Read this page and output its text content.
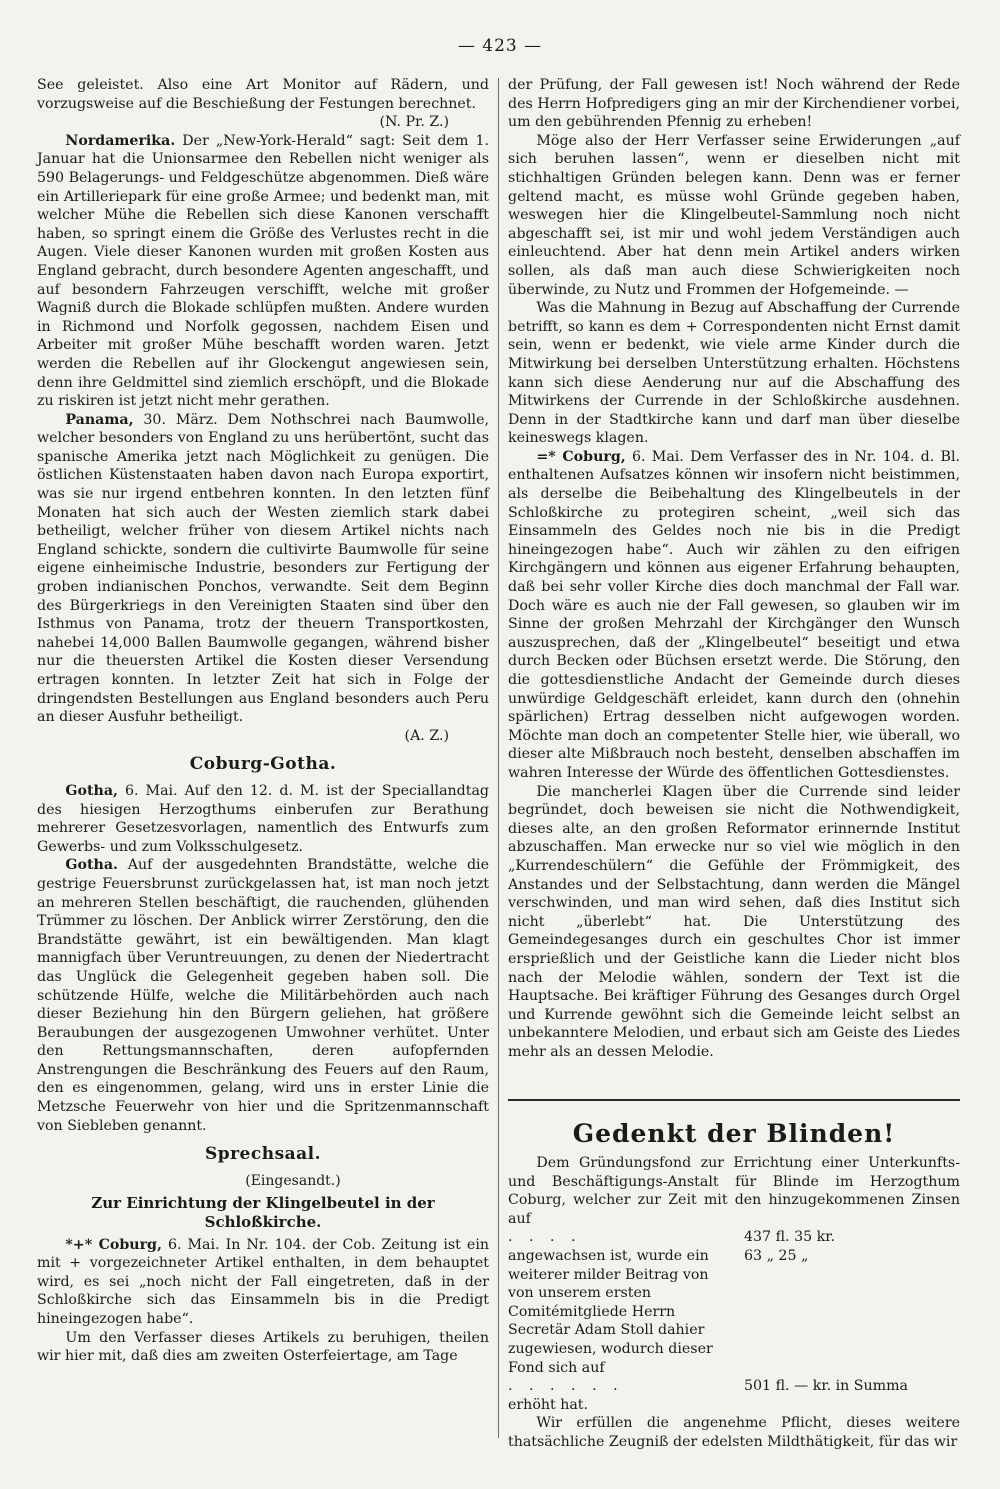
— 423 —

See geleistet. Also eine Art Monitor auf Rädern, und vorzugsweise auf die Beschießung der Festungen berechnet.

(N. Pr. Z.)

Nordamerika. Der „New-York-Herald“ sagt: Seit dem 1. Januar hat die Unionsarmee den Rebellen nicht weniger als 590 Belagerungs- und Feldgeschütze abgenommen. Dieß wäre ein Artilleriepark für eine große Armee; und bedenkt man, mit welcher Mühe die Rebellen sich diese Kanonen verschafft haben, so springt einem die Größe des Verlustes recht in die Augen. Viele dieser Kanonen wurden mit großen Kosten aus England gebracht, durch besondere Agenten angeschafft, und auf besondern Fahrzeugen verschifft, welche mit großer Wagniß durch die Blokade schlüpfen mußten. Andere wurden in Richmond und Norfolk gegossen, nachdem Eisen und Arbeiter mit großer Mühe beschafft worden waren. Jetzt werden die Rebellen auf ihr Glockengut angewiesen sein, denn ihre Geldmittel sind ziemlich erschöpft, und die Blokade zu riskiren ist jetzt nicht mehr gerathen.

Panama, 30. März. Dem Nothschrei nach Baumwolle, welcher besonders von England zu uns herübertönt, sucht das spanische Amerika jetzt nach Möglichkeit zu genügen. Die östlichen Küstenstaaten haben davon nach Europa exportirt, was sie nur irgend entbehren konnten. In den letzten fünf Monaten hat sich auch der Westen ziemlich stark dabei betheiligt, welcher früher von diesem Artikel nichts nach England schickte, sondern die cultivirte Baumwolle für seine eigene einheimische Industrie, besonders zur Fertigung der groben indianischen Ponchos, verwandte. Seit dem Beginn des Bürgerkriegs in den Vereinigten Staaten sind über den Isthmus von Panama, trotz der theuern Transportkosten, nahebei 14,000 Ballen Baumwolle gegangen, während bisher nur die theuersten Artikel die Kosten dieser Versendung ertragen konnten. In letzter Zeit hat sich in Folge der dringendsten Bestellungen aus England besonders auch Peru an dieser Ausfuhr betheiligt.

(A. Z.)

Coburg-Gotha.

Gotha, 6. Mai. Auf den 12. d. M. ist der Speciallandtag des hiesigen Herzogthums einberufen zur Berathung mehrerer Gesetzesvorlagen, namentlich des Entwurfs zum Gewerbs- und zum Volksschulgesetz.

Gotha. Auf der ausgedehnten Brandstätte, welche die gestrige Feuersbrunst zurückgelassen hat, ist man noch jetzt an mehreren Stellen beschäftigt, die rauchenden, glühenden Trümmer zu löschen. Der Anblick wirrer Zerstörung, den die Brandstätte gewährt, ist ein bewältigenden. Man klagt mannigfach über Veruntreuungen, zu denen der Niedertracht das Unglück die Gelegenheit gegeben haben soll. Die schützende Hülfe, welche die Militärbehörden auch nach dieser Beziehung hin den Bürgern geliehen, hat größere Beraubungen der ausgezogenen Umwohner verhütet. Unter den Rettungsmannschaften, deren aufopfernden Anstrengungen die Beschränkung des Feuers auf den Raum, den es eingenommen, gelang, wird uns in erster Linie die Metzsche Feuerwehr von hier und die Spritzenmannschaft von Siebleben genannt.

Sprechsaal.
(Eingesandt.)
Zur Einrichtung der Klingelbeutel in der Schloßkirche.

*+* Coburg, 6. Mai. In Nr. 104. der Cob. Zeitung ist ein mit + vorgezeichneter Artikel enthalten, in dem behauptet wird, es sei „noch nicht der Fall eingetreten, daß in der Schloßkirche sich das Einsammeln bis in die Predigt hineingezogen habe“.

Um den Verfasser dieses Artikels zu beruhigen, theilen wir hier mit, daß dies am zweiten Osterfeiertage, am Tage

der Prüfung, der Fall gewesen ist! Noch während der Rede des Herrn Hofpredigers ging an mir der Kirchendiener vorbei, um den gebührenden Pfennig zu erheben!

Möge also der Herr Verfasser seine Erwiderungen „auf sich beruhen lassen“, wenn er dieselben nicht mit stichhaltigen Gründen belegen kann. Denn was er ferner geltend macht, es müsse wohl Gründe gegeben haben, weswegen hier die Klingelbeutel-Sammlung noch nicht abgeschafft sei, ist mir und wohl jedem Verständigen auch einleuchtend. Aber hat denn mein Artikel anders wirken sollen, als daß man auch diese Schwierigkeiten noch überwinde, zu Nutz und Frommen der Hofgemeinde. —

Was die Mahnung in Bezug auf Abschaffung der Currende betrifft, so kann es dem + Correspondenten nicht Ernst damit sein, wenn er bedenkt, wie viele arme Kinder durch die Mitwirkung bei derselben Unterstützung erhalten. Höchstens kann sich diese Aenderung nur auf die Abschaffung des Mitwirkens der Currende in der Schloßkirche ausdehnen. Denn in der Stadtkirche kann und darf man über dieselbe keineswegs klagen.

=* Coburg, 6. Mai. Dem Verfasser des in Nr. 104. d. Bl. enthaltenen Aufsatzes können wir insofern nicht beistimmen, als derselbe die Beibehaltung des Klingelbeutels in der Schloßkirche zu protegiren scheint, „weil sich das Einsammeln des Geldes noch nie bis in die Predigt hineingezogen habe“. Auch wir zählen zu den eifrigen Kirchgängern und können aus eigener Erfahrung behaupten, daß bei sehr voller Kirche dies doch manchmal der Fall war. Doch wäre es auch nie der Fall gewesen, so glauben wir im Sinne der großen Mehrzahl der Kirchgänger den Wunsch auszusprechen, daß der „Klingelbeutel“ beseitigt und etwa durch Becken oder Büchsen ersetzt werde. Die Störung, den die gottesdienstliche Andacht der Gemeinde durch dieses unwürdige Geldgeschäft erleidet, kann durch den (ohnehin spärlichen) Ertrag desselben nicht aufgewogen worden. Möchte man doch an competenter Stelle hier, wie überall, wo dieser alte Mißbrauch noch besteht, denselben abschaffen im wahren Interesse der Würde des öffentlichen Gottesdienstes.

Die mancherlei Klagen über die Currende sind leider begründet, doch beweisen sie nicht die Nothwendigkeit, dieses alte, an den großen Reformator erinnernde Institut abzuschaffen. Man erwecke nur so viel wie möglich in den „Kurrendeschülern“ die Gefühle der Frömmigkeit, des Anstandes und der Selbstachtung, dann werden die Mängel verschwinden, und man wird sehen, daß dies Institut sich nicht „überlebt“ hat. Die Unterstützung des Gemeindegesanges durch ein geschultes Chor ist immer ersprießlich und der Geistliche kann die Lieder nicht blos nach der Melodie wählen, sondern der Text ist die Hauptsache. Bei kräftiger Führung des Gesanges durch Orgel und Kurrende gewöhnt sich die Gemeinde leicht selbst an unbekanntere Melodien, und erbaut sich am Geiste des Liedes mehr als an dessen Melodie.

Gedenkt der Blinden!

Dem Gründungsfond zur Errichtung einer Unterkunfts- und Beschäftigungs-Anstalt für Blinde im Herzogthum Coburg, welcher zur Zeit mit den hinzugekommenen Zinsen auf

. . . .	437 fl. 35 kr.
angewachsen ist, wurde ein weiterer milder Beitrag von
63 „ 25 „
von unserem ersten Comitémitgliede Herrn Secretär Adam Stoll dahier zugewiesen, wodurch dieser Fond sich auf
. . . . . .	501 fl. — kr. in Summa

erhöht hat.

Wir erfüllen die angenehme Pflicht, dieses weitere thatsächliche Zeugniß der edelsten Mildthätigkeit, für das wir
